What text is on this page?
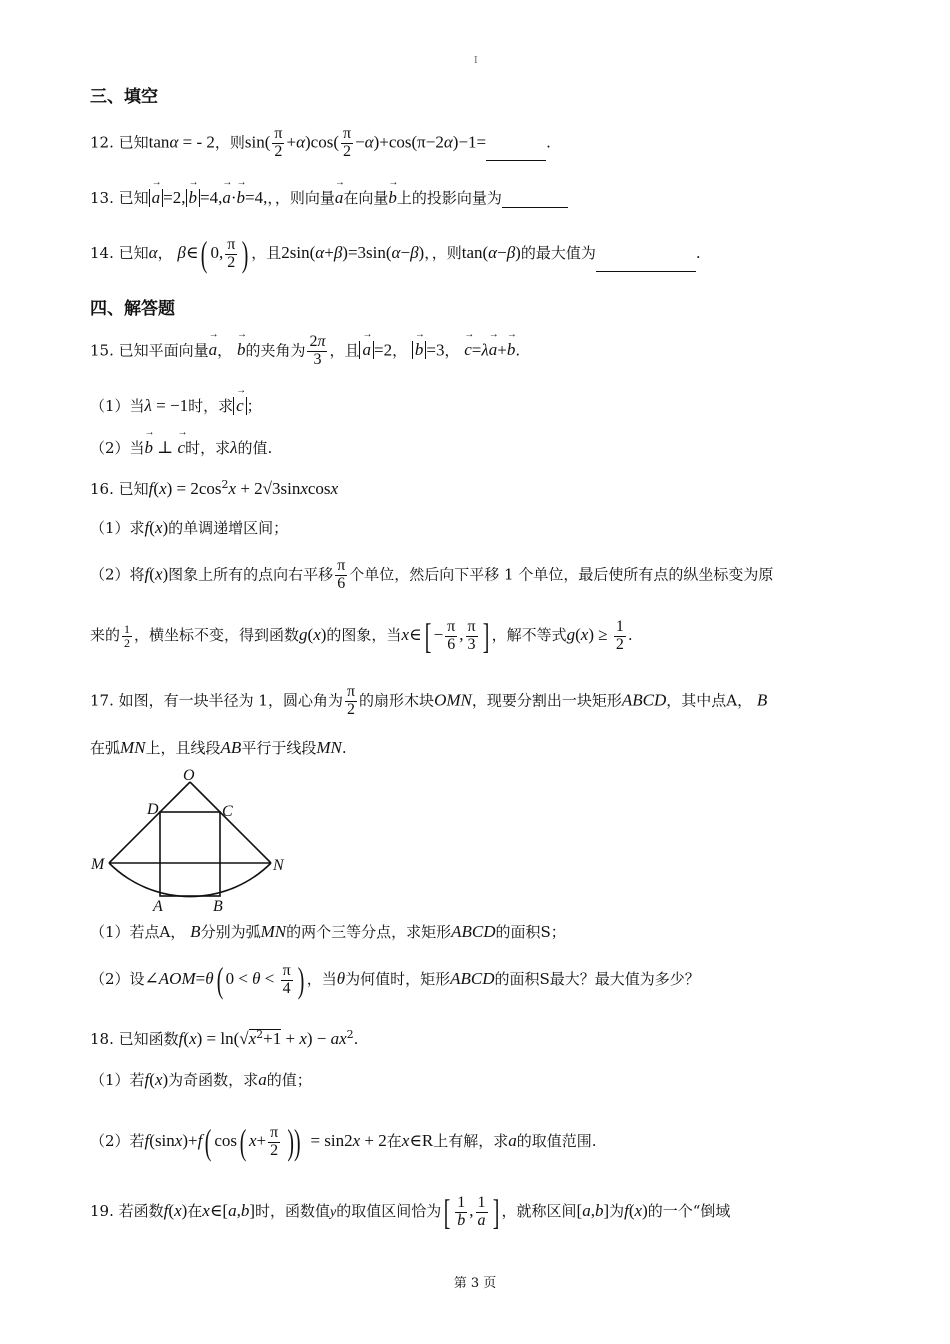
I
三、填空
12. 已知tanα = - 2，则$\sin( \frac{\pi}{2} +\alpha)\cos( \frac{\pi}{2} -\alpha)+\cos(\pi-2\alpha)-1=$	.
13. 已知 → a =2, → b =4,→ a·→ b=4,，，则向量→ a在向量→ b上的投影向量为
14. 已知α， β∈( 0, $\frac{\pi}{2}$ ) ，且2sin(α+β)=3sin(α−β)，，则tan(α−β)的最大值为	.
四、解答题
15. 已知平面向量→ a， → b的夹角为 $\frac{2\pi}{3}$ ，且 → a =2， → b =3， → c=λ→ a+→ b.
（1）当λ = −1时，求 → c ；
（2）当→ b ⊥ → c时，求λ的值.
16. 已知$f(x) = 2\cos^2x$ + 2√3sinxcosx
（1）求f(x)的单调递增区间；
（2）将f(x)图象上所有的点向右平移 $\frac{\pi}{6}$ 个单位，然后向下平移 1 个单位，最后使所有点的纵坐标变为原
来的 $\frac{1}{2}$ ，横坐标不变，得到函数g(x)的图象，当x∈[ − $\frac{\pi}{6}$ , $\frac{\pi}{3}$ ] ，解不等式$g(x) \ge \frac{1}{2}$ .
17. 如图，有一块半径为 1，圆心角为 $\frac{\pi}{2}$ 的扇形木块OMN，现要分割出一块矩形ABCD，其中点A， B
在弧MN上，且线段AB平行于线段MN.
O
D	C
M	N
A	B
（1）若点A， B分别为弧MN的两个三等分点，求矩形ABCD的面积S；
（2）设∠AOM=θ( $0 < \theta < \frac{\pi}{4}$ ) ，当θ为何值时，矩形ABCD的面积S最大？最大值为多少？
18. 已知函数$f(x) = \ln(√x^2+1 + x) - ax^2$.
（1）若f(x)为奇函数，求a的值；
（2）若f(sinx)+f( cos( $x+ \frac{\pi}{2}$ )) = sin2x + 2在x∈R上有解，求a的取值范围.
19. 若函数f(x)在x∈[a,b]时，函数值y的取值区间恰为[ $\frac{1}{b}$ , $\frac{1}{a}$ ] ，就称区间[a,b]为f(x)的一个“倒域
第 3 页
